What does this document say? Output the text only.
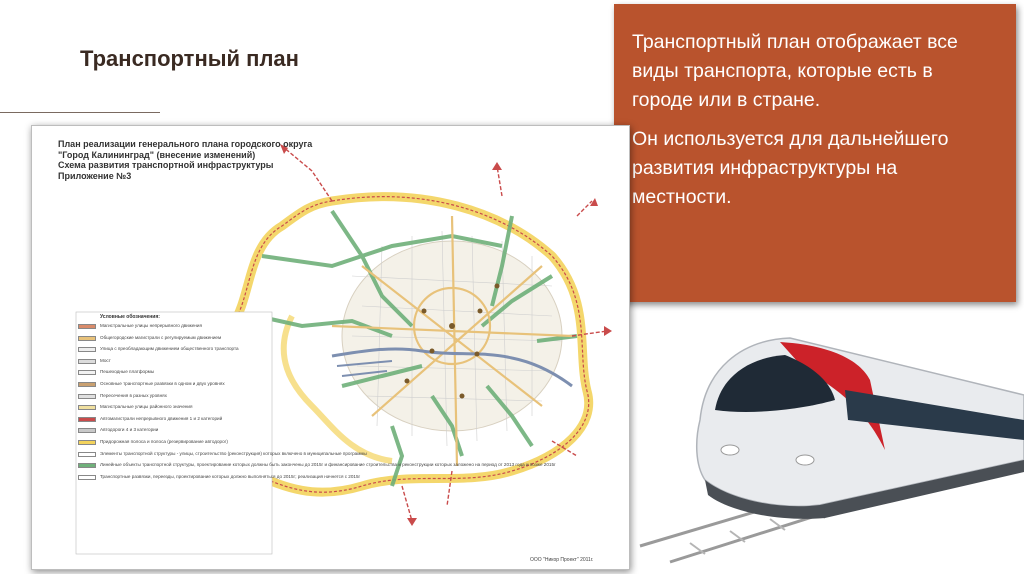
Транспортный план

Транспортный план отображает все виды транспорта, которые есть в городе или в стране.

Он используется для дальнейшего развития инфраструктуры на местности.

План реализации генерального плана городского округа
"Город Калининград" (внесение изменений)
Схема развития транспортной инфраструктуры
Приложение №3
Условные обозначения:
Магистральные улицы непрерывного движения
Общегородские магистрали с регулируемым движением
Улица с преобладающим движением общественного транспорта
Мост
Пешеходные платформы
Основные транспортные развязки в одном и двух уровнях
Пересечения в разных уровнях
Магистральные улицы районного значения
Автомагистрали непрерывного движения 1 и 2 категорий
Автодороги 4 и 3 категории
Придорожная полоса и полоса (резервирование автодорог)
Элементы транспортной структуры - улицы, строительство (реконструкция) которых включено в муниципальные программы
Линейные объекты транспортной структуры, проектирование которых должны быть закончены до 2015г и финансирование строительства и реконструкции которых заложено на период от 2013 года и позже 2015г
Транспортные развязки, переезды, проектирование которых должно выполняться до 2015г; реализация начнется с 2015г
ООО "Никор Проект" 2011г.
